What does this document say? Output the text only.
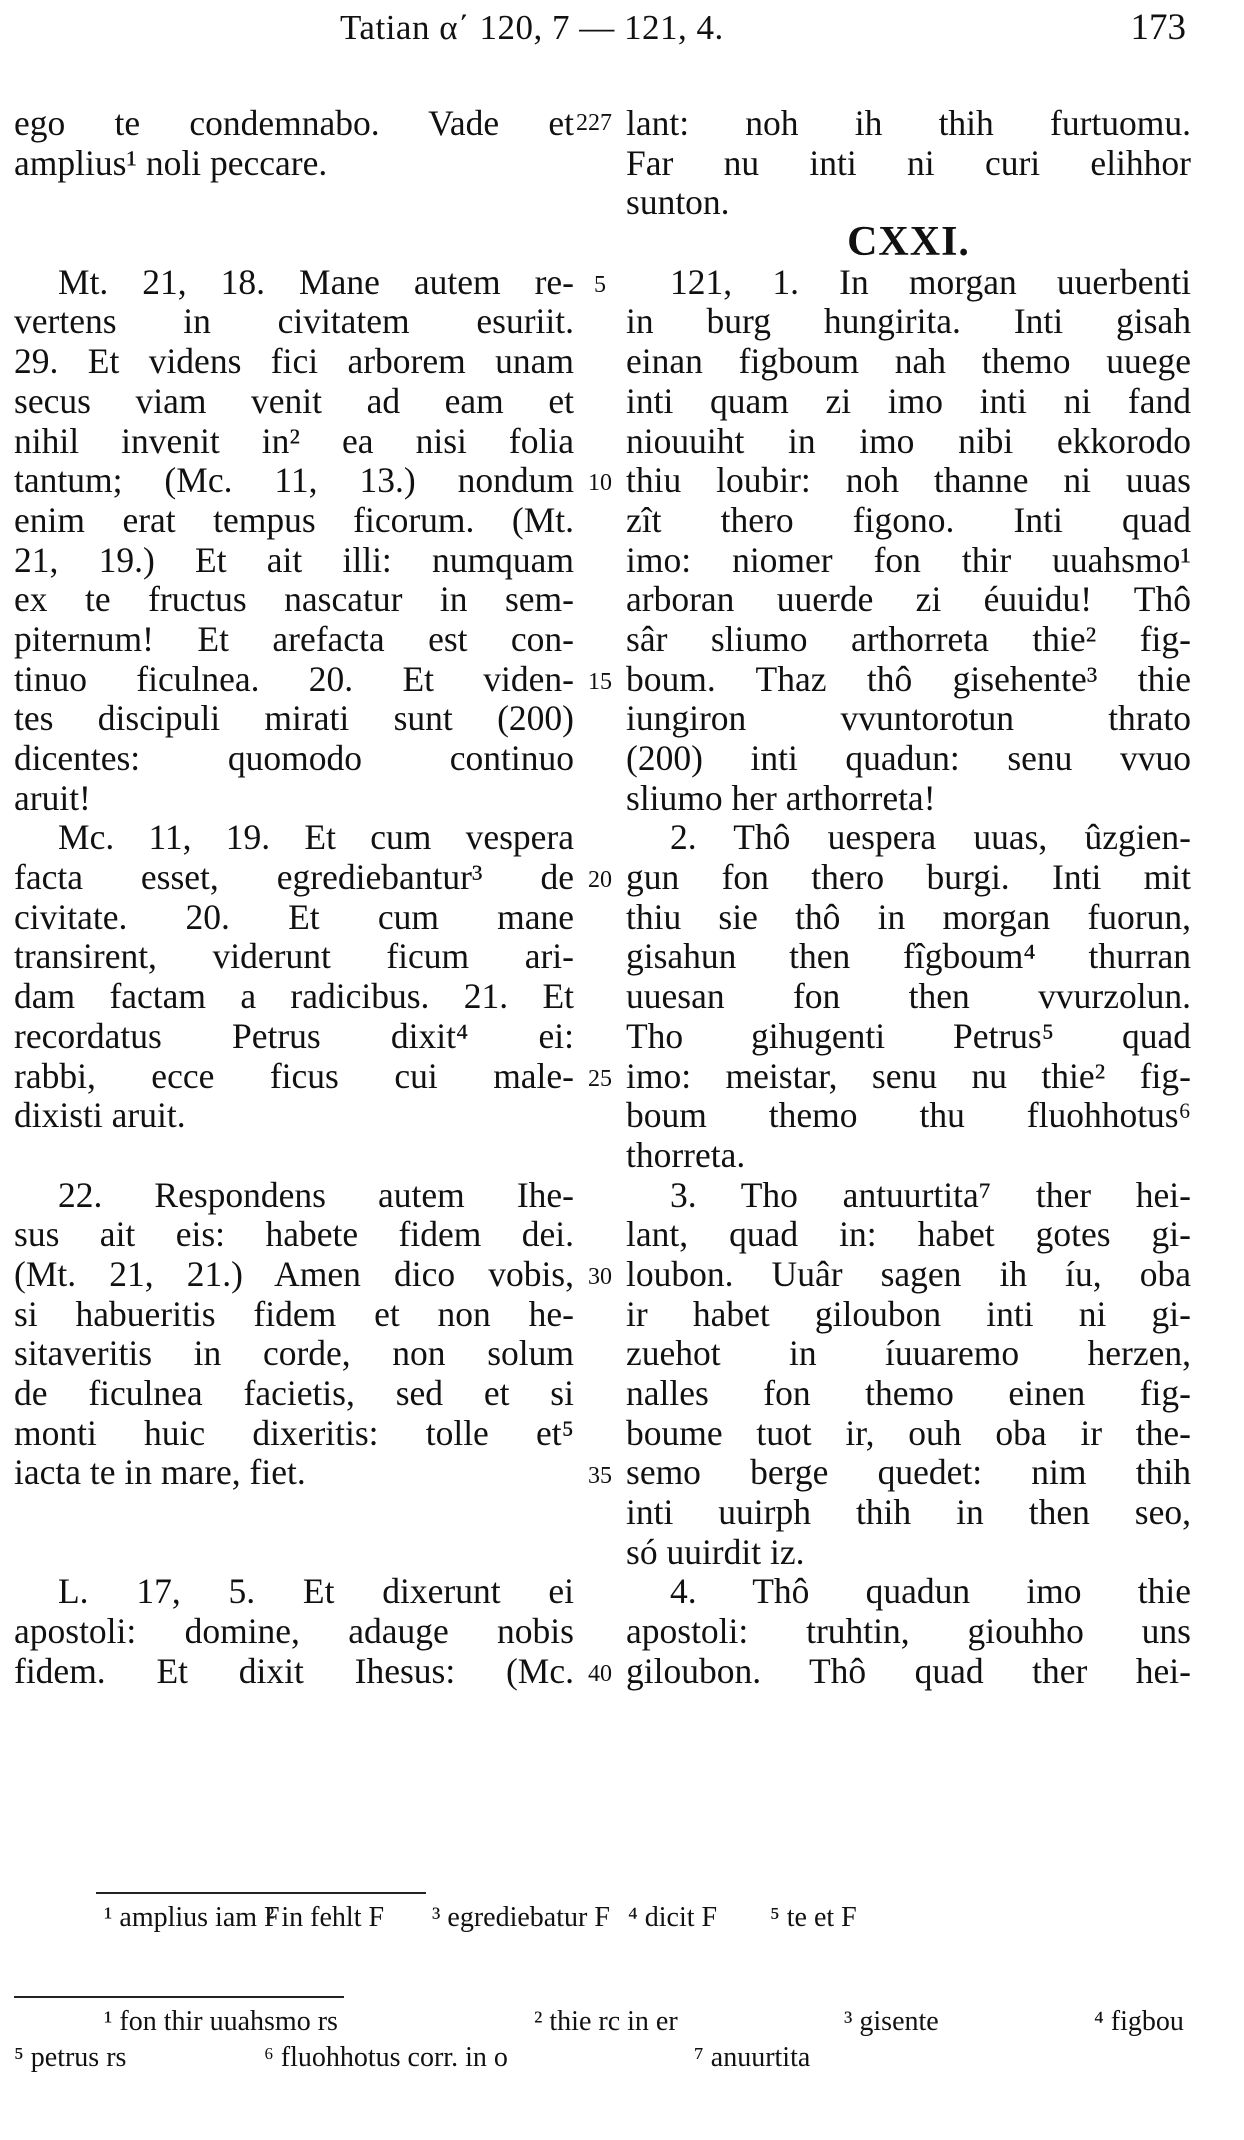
Tatian α΄ 120, 7 — 121, 4.	173
ego te condemnabo. Vade et
amplius¹ noli peccare.
Mt. 21, 18. Mane autem re-
vertens in civitatem esuriit.
29. Et videns fici arborem unam
secus viam venit ad eam et
nihil invenit in² ea nisi folia
tantum; (Mc. 11, 13.) nondum
enim erat tempus ficorum. (Mt.
21, 19.) Et ait illi: numquam
ex te fructus nascatur in sem-
piternum! Et arefacta est con-
tinuo ficulnea. 20. Et viden-
tes discipuli mirati sunt (200)
dicentes: quomodo continuo
aruit!
Mc. 11, 19. Et cum vespera
facta esset, egrediebantur³ de
civitate. 20. Et cum mane
transirent, viderunt ficum ari-
dam factam a radicibus. 21. Et
recordatus Petrus dixit⁴ ei:
rabbi, ecce ficus cui male-
dixisti aruit.
22. Respondens autem Ihe-
sus ait eis: habete fidem dei.
(Mt. 21, 21.) Amen dico vobis,
si habueritis fidem et non he-
sitaveritis in corde, non solum
de ficulnea facietis, sed et si
monti huic dixeritis: tolle et⁵
iacta te in mare, fiet.
L. 17, 5. Et dixerunt ei
apostoli: domine, adauge nobis
fidem. Et dixit Ihesus: (Mc.
227
5
10
15
20
25
30
35
40
lant: noh ih thih furtuomu.
Far nu inti ni curi elihhor
sunton.
CXXI.
121, 1. In morgan uuerbenti
in burg hungirita. Inti gisah
einan figboum nah themo uuege
inti quam zi imo inti ni fand
niouuiht in imo nibi ekkorodo
thiu loubir: noh thanne ni uuas
zît thero figono. Inti quad
imo: niomer fon thir uuahsmo¹
arboran uuerde zi éuuidu! Thô
sâr sliumo arthorreta thie² fig-
boum. Thaz thô gisehente³ thie
iungiron vvuntorotun thrato
(200) inti quadun: senu vvuo
sliumo her arthorreta!
2. Thô uespera uuas, ûzgien-
gun fon thero burgi. Inti mit
thiu sie thô in morgan fuorun,
gisahun then fîgboum⁴ thurran
uuesan fon then vvurzolun.
Tho gihugenti Petrus⁵ quad
imo: meistar, senu nu thie² fig-
boum themo thu fluohhotus⁶
thorreta.
3. Tho antuurtita⁷ ther hei-
lant, quad in: habet gotes gi-
loubon. Uuâr sagen ih íu, oba
ir habet giloubon inti ni gi-
zuehot in íuuaremo herzen,
nalles fon themo einen fig-
boume tuot ir, ouh oba ir the-
semo berge quedet: nim thih
inti uuirph thih in then seo,
só uuirdit iz.
4. Thô quadun imo thie
apostoli: truhtin, giouhho uns
giloubon. Thô quad ther hei-
¹ amplius iam F
² in fehlt F ³ egrediebatur F ⁴ dicit F ⁵ te et F
¹ fon thir uuahsmo rs	² thie rc in er	³ gisente	⁴ figbou
⁵ petrus rs	⁶ fluohhotus corr. in o	⁷ anuurtita
